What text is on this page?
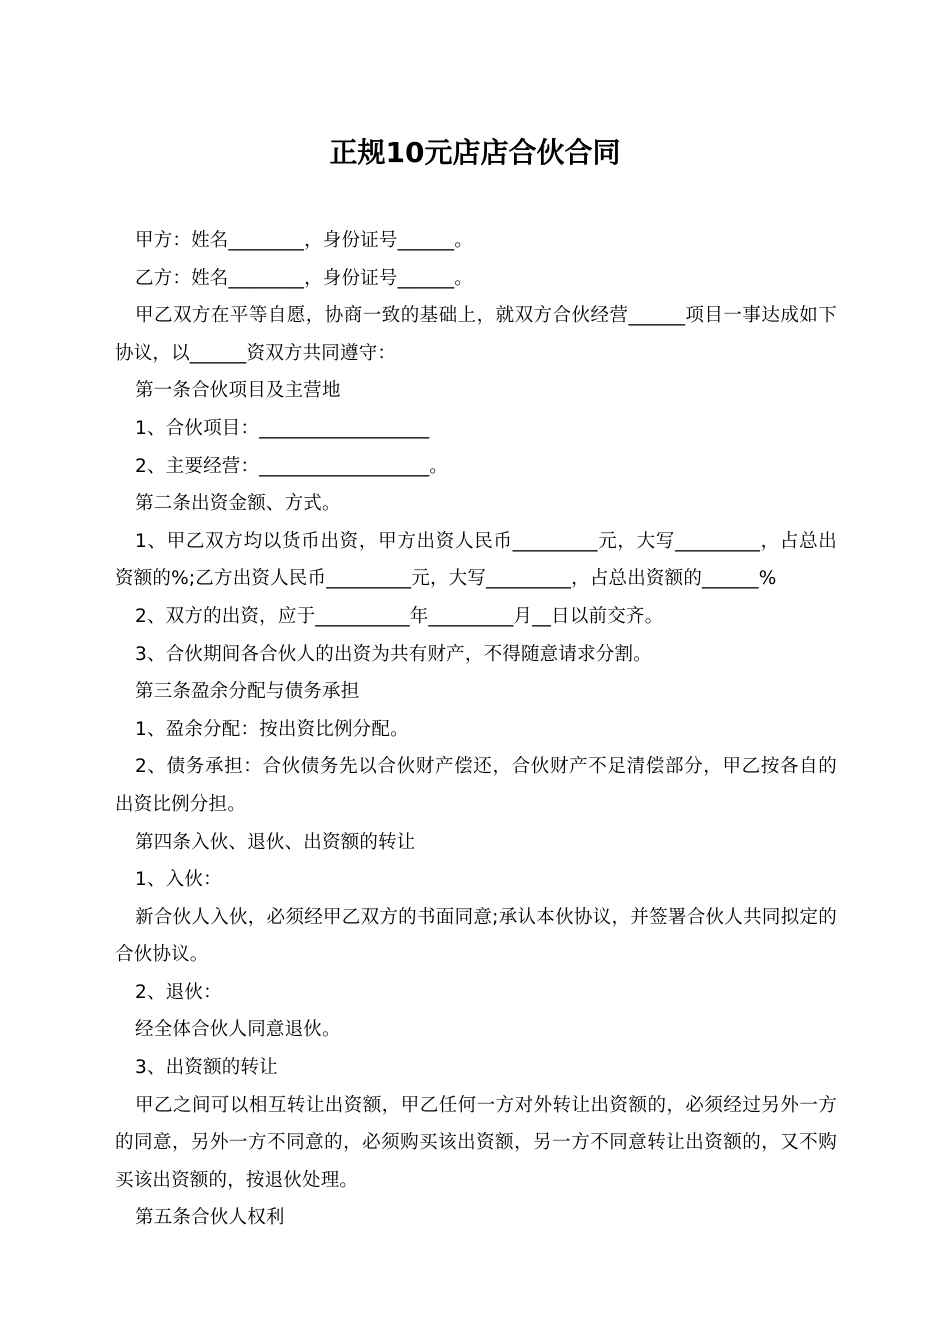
正规10元店店合伙合同

甲方：姓名________，身份证号______。

乙方：姓名________，身份证号______。

甲乙双方在平等自愿，协商一致的基础上，就双方合伙经营______项目一事达成如下协议，以______资双方共同遵守：

第一条合伙项目及主营地

1、合伙项目：__________________

2、主要经营：__________________。

第二条出资金额、方式。

1、甲乙双方均以货币出资，甲方出资人民币_________元，大写_________，占总出资额的%;乙方出资人民币_________元，大写_________，占总出资额的______%

2、双方的出资，应于__________年_________月__日以前交齐。

3、合伙期间各合伙人的出资为共有财产，不得随意请求分割。

第三条盈余分配与债务承担

1、盈余分配：按出资比例分配。

2、债务承担：合伙债务先以合伙财产偿还，合伙财产不足清偿部分，甲乙按各自的出资比例分担。

第四条入伙、退伙、出资额的转让

1、入伙：

新合伙人入伙，必须经甲乙双方的书面同意;承认本伙协议，并签署合伙人共同拟定的合伙协议。

2、退伙：

经全体合伙人同意退伙。

3、出资额的转让

甲乙之间可以相互转让出资额，甲乙任何一方对外转让出资额的，必须经过另外一方的同意，另外一方不同意的，必须购买该出资额，另一方不同意转让出资额的，又不购买该出资额的，按退伙处理。

第五条合伙人权利
